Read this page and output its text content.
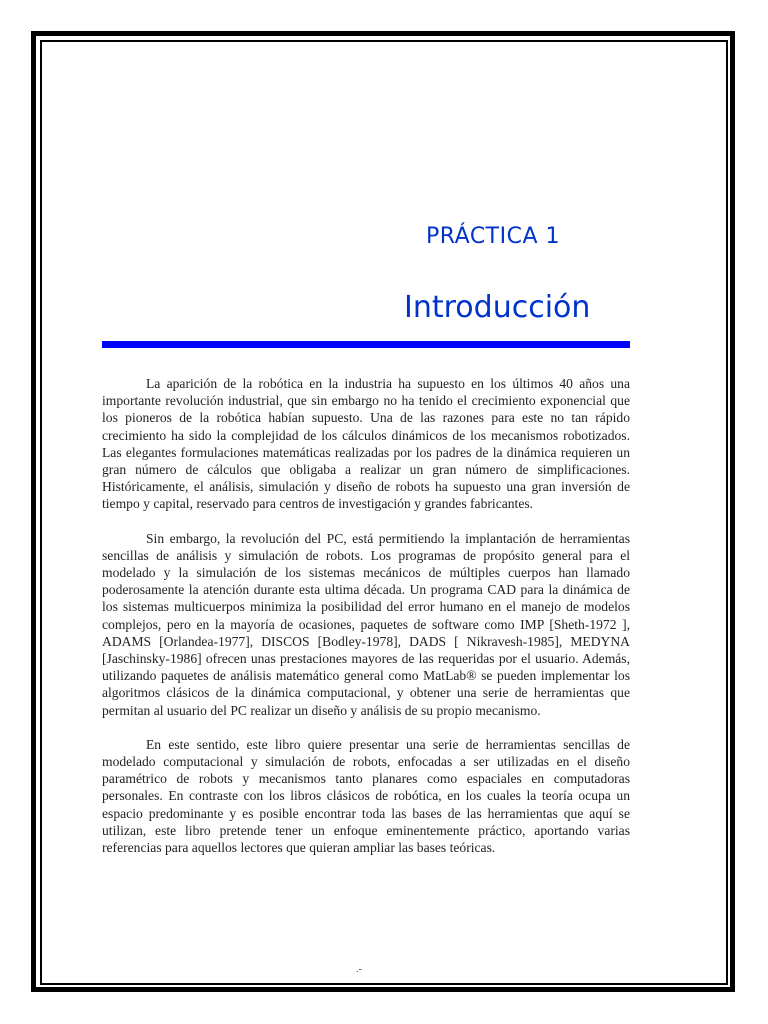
PRÁCTICA 1
Introducción

La aparición de la robótica en la industria ha supuesto en los últimos 40 años una importante revolución industrial, que sin embargo no ha tenido el crecimiento exponencial que los pioneros de la robótica habían supuesto. Una de las razones para este no tan rápido crecimiento ha sido la complejidad de los cálculos dinámicos de los mecanismos robotizados. Las elegantes formulaciones matemáticas realizadas por los padres de la dinámica requieren un gran número de cálculos que obligaba a realizar un gran número de simplificaciones. Históricamente, el análisis, simulación y diseño de robots ha supuesto una gran inversión de tiempo y capital, reservado para centros de investigación y grandes fabricantes.

Sin embargo, la revolución del PC, está permitiendo la implantación de herramientas sencillas de análisis y simulación de robots. Los programas de propósito general para el modelado y la simulación de los sistemas mecánicos de múltiples cuerpos han llamado poderosamente la atención durante esta ultima década. Un programa CAD para la dinámica de los sistemas multicuerpos minimiza la posibilidad del error humano en el manejo de modelos complejos, pero en la mayoría de ocasiones, paquetes de software como IMP [Sheth-1972 ], ADAMS [Orlandea-1977], DISCOS [Bodley-1978], DADS [ Nikravesh-1985], MEDYNA [Jaschinsky-1986] ofrecen unas prestaciones mayores de las requeridas por el usuario. Además, utilizando paquetes de análisis matemático general como MatLab® se pueden implementar los algoritmos clásicos de la dinámica computacional, y obtener una serie de herramientas que permitan al usuario del PC realizar un diseño y análisis de su propio mecanismo.

En este sentido, este libro quiere presentar una serie de herramientas sencillas de modelado computacional y simulación de robots, enfocadas a ser utilizadas en el diseño paramétrico de robots y mecanismos tanto planares como espaciales en computadoras personales. En contraste con los libros clásicos de robótica, en los cuales la teoría ocupa un espacio predominante y es posible encontrar toda las bases de las herramientas que aquí se utilizan, este libro pretende tener un enfoque eminentemente práctico, aportando varias referencias para aquellos lectores que quieran ampliar las bases teóricas.

.-
